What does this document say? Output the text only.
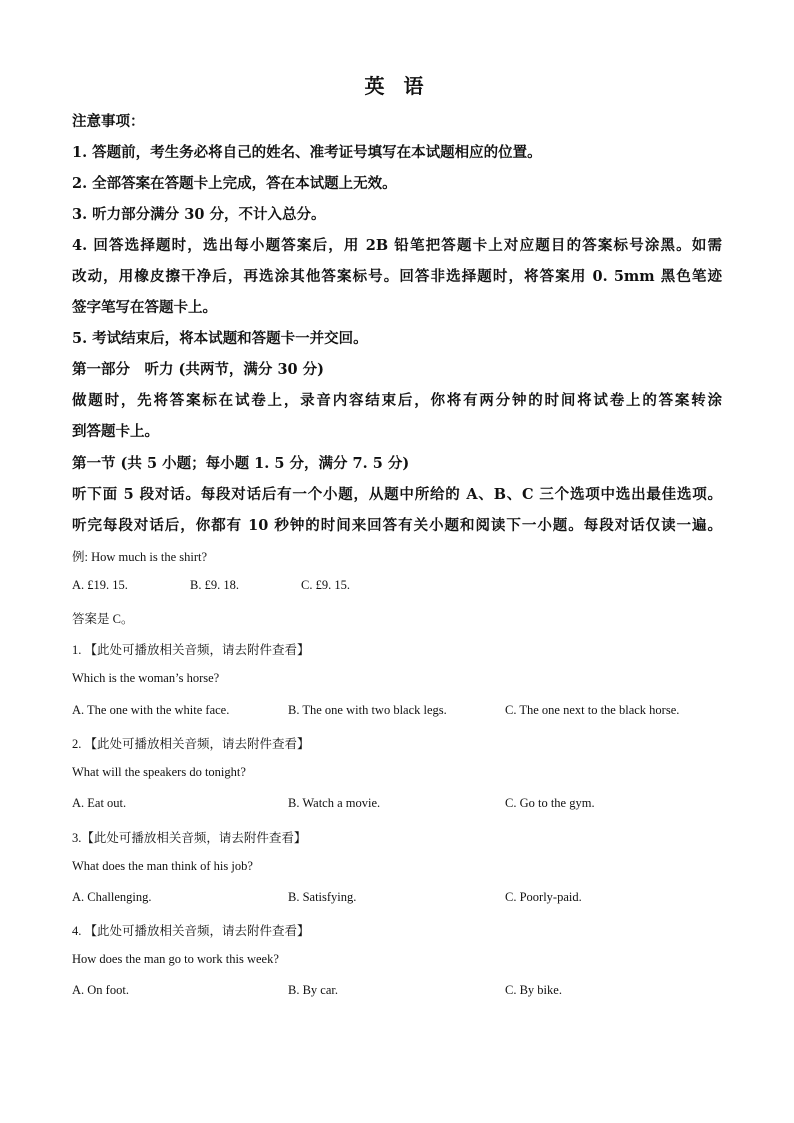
英 语
注意事项：
1. 答题前，考生务必将自己的姓名、准考证号填写在本试题相应的位置。
2. 全部答案在答题卡上完成，答在本试题上无效。
3. 听力部分满分 30 分，不计入总分。
4. 回答选择题时，选出每小题答案后，用 2B 铅笔把答题卡上对应题目的答案标号涂黑。如需
改动，用橡皮擦干净后，再选涂其他答案标号。回答非选择题时，将答案用 0. 5mm 黑色笔迹
签字笔写在答题卡上。
5. 考试结束后，将本试题和答题卡一并交回。
第一部分　听力 (共两节，满分 30 分)
做题时，先将答案标在试卷上，录音内容结束后，你将有两分钟的时间将试卷上的答案转涂
到答题卡上。
第一节 (共 5 小题；每小题 1. 5 分，满分 7. 5 分)
听下面 5 段对话。每段对话后有一个小题，从题中所给的 A、B、C 三个选项中选出最佳选项。
听完每段对话后，你都有 10 秒钟的时间来回答有关小题和阅读下一小题。每段对话仅读一遍。
例: How much is the shirt?
A. £19. 15.	B. £9. 18.	C. £9. 15.
答案是 C。
1. 【此处可播放相关音频，请去附件查看】
Which is the woman’s horse?
A. The one with the white face.	B. The one with two black legs.	C. The one next to the black horse.
2. 【此处可播放相关音频，请去附件查看】
What will the speakers do tonight?
A. Eat out.	B. Watch a movie.	C. Go to the gym.
3.【此处可播放相关音频，请去附件查看】
What does the man think of his job?
A. Challenging.	B. Satisfying.	C. Poorly-paid.
4. 【此处可播放相关音频，请去附件查看】
How does the man go to work this week?
A. On foot.	B. By car.	C. By bike.
